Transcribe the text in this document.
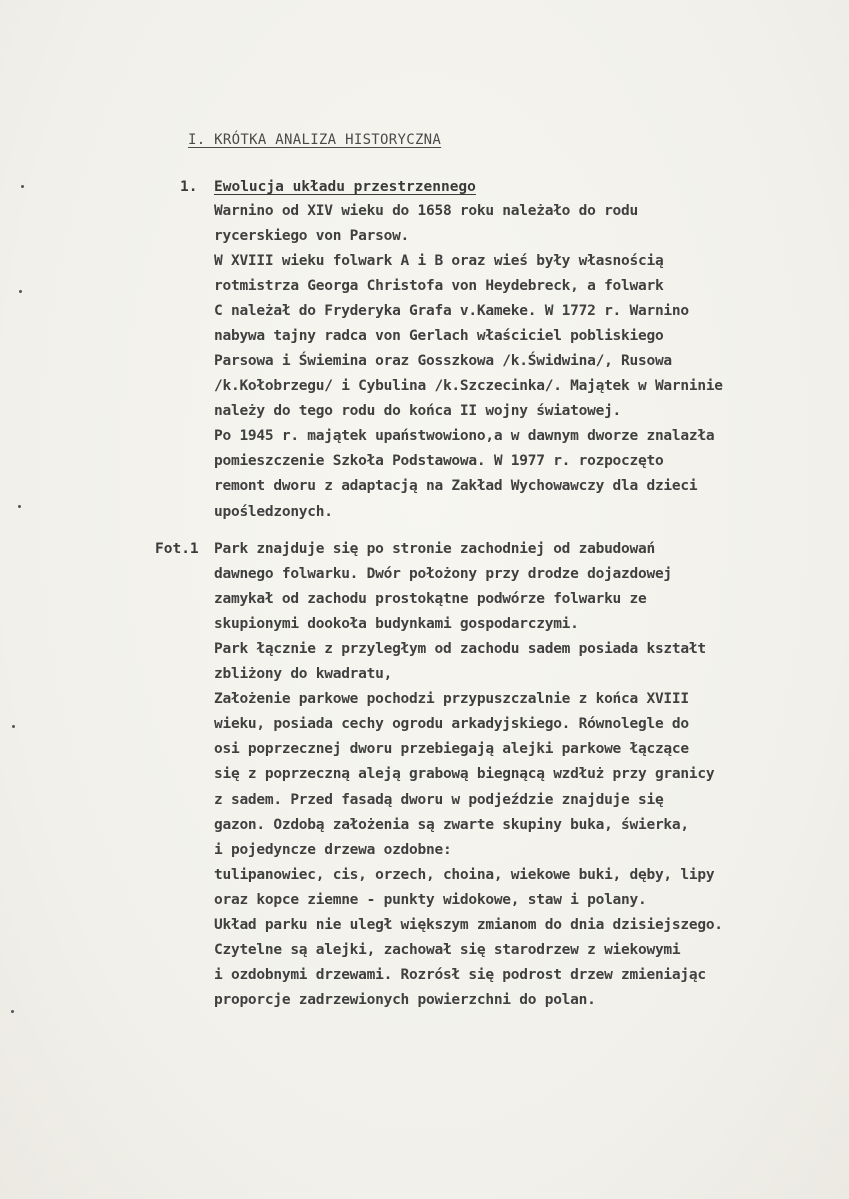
I. KRÓTKA ANALIZA HISTORYCZNA
1. Ewolucja układu przestrzennego
Fot.1
Warnino od XIV wieku do 1658 roku należało do rodu
rycerskiego von Parsow.
W XVIII wieku folwark A i B oraz wieś były własnością
rotmistrza Georga Christofa von Heydebreck, a folwark
C należał do Fryderyka Grafa v.Kameke. W 1772 r. Warnino
nabywa tajny radca von Gerlach właściciel pobliskiego
Parsowa i Świemina oraz Gosszkowa /k.Świdwina/, Rusowa
/k.Kołobrzegu/ i Cybulina /k.Szczecinka/. Majątek w Warninie
należy do tego rodu do końca II wojny światowej.
Po 1945 r. majątek upaństwowiono,a w dawnym dworze znalazła
pomieszczenie Szkoła Podstawowa. W 1977 r. rozpoczęto
remont dworu z adaptacją na Zakład Wychowawczy dla dzieci
upośledzonych.
Park znajduje się po stronie zachodniej od zabudowań
dawnego folwarku. Dwór położony przy drodze dojazdowej
zamykał od zachodu prostokątne podwórze folwarku ze
skupionymi dookoła budynkami gospodarczymi.
Park łącznie z przyległym od zachodu sadem posiada kształt
zbliżony do kwadratu,
Założenie parkowe pochodzi przypuszczalnie z końca XVIII
wieku, posiada cechy ogrodu arkadyjskiego. Równolegle do
osi poprzecznej dworu przebiegają alejki parkowe łączące
się z poprzeczną aleją grabową biegnącą wzdłuż przy granicy
z sadem. Przed fasadą dworu w podjeździe znajduje się
gazon. Ozdobą założenia są zwarte skupiny buka, świerka,
i pojedyncze drzewa ozdobne:
tulipanowiec, cis, orzech, choina, wiekowe buki, dęby, lipy
oraz kopce ziemne - punkty widokowe, staw i polany.
Układ parku nie uległ większym zmianom do dnia dzisiejszego.
Czytelne są alejki, zachował się starodrzew z wiekowymi
i ozdobnymi drzewami. Rozrósł się podrost drzew zmieniając
proporcje zadrzewionych powierzchni do polan.
